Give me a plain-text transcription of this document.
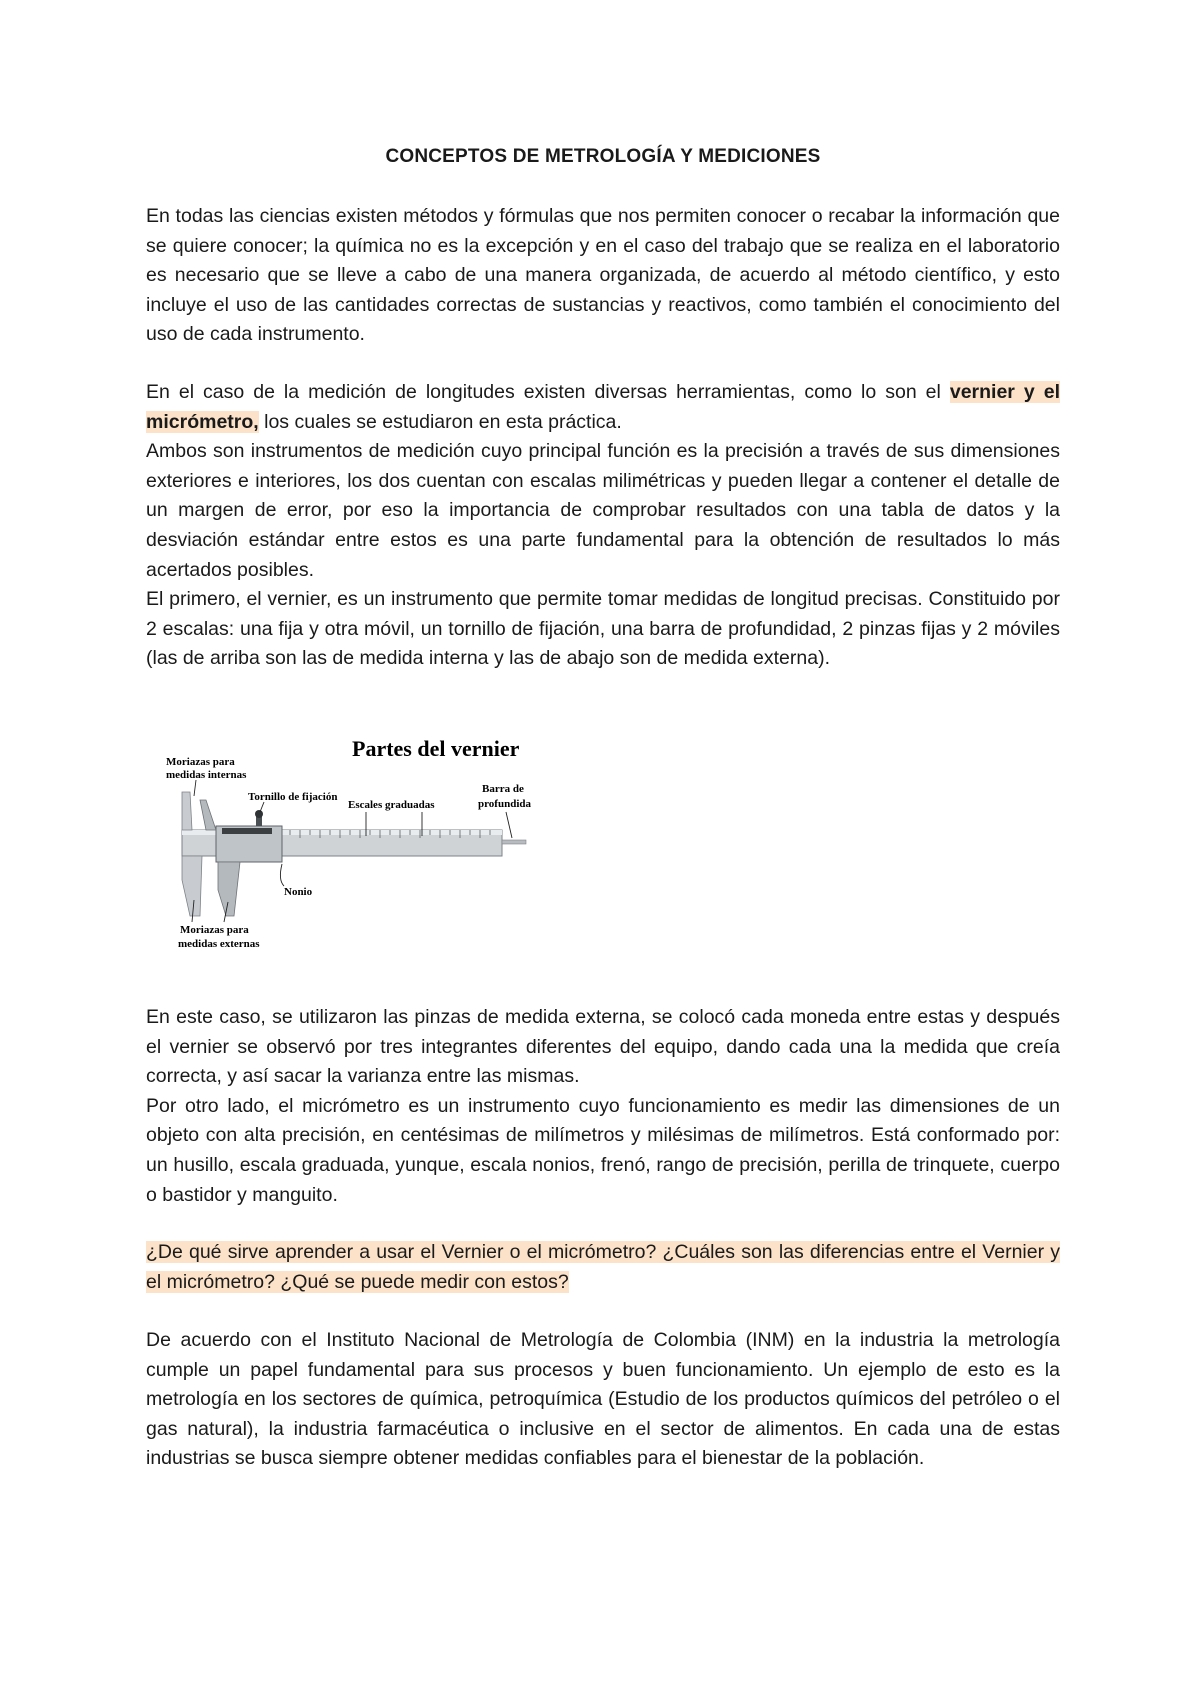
CONCEPTOS DE METROLOGÍA Y MEDICIONES

En todas las ciencias existen métodos y fórmulas que nos permiten conocer o recabar la información que se quiere conocer; la química no es la excepción y en el caso del trabajo que se realiza en el laboratorio es necesario que se lleve a cabo de una manera organizada, de acuerdo al método científico, y esto incluye el uso de las cantidades correctas de sustancias y reactivos, como también el conocimiento del uso de cada instrumento.

En el caso de la medición de longitudes existen diversas herramientas, como lo son el vernier y el micrómetro, los cuales se estudiaron en esta práctica.

Ambos son instrumentos de medición cuyo principal función es la precisión a través de sus dimensiones exteriores e interiores, los dos cuentan con escalas milimétricas y pueden llegar a contener el detalle de un margen de error, por eso la importancia de comprobar resultados con una tabla de datos y la desviación estándar entre estos es una parte fundamental para la obtención de resultados lo más acertados posibles.

El primero, el vernier, es un instrumento que permite tomar medidas de longitud precisas. Constituido por 2 escalas: una fija y otra móvil, un tornillo de fijación, una barra de profundidad, 2 pinzas fijas y 2 móviles (las de arriba son las de medida interna y las de abajo son de medida externa).

Partes del vernier
Moriazas para
medidas internas
Tornillo de fijación
Escales graduadas
Barra de
profundida
Nonio
Moriazas para
medidas externas

En este caso, se utilizaron las pinzas de medida externa, se colocó cada moneda entre estas y después el vernier se observó por tres integrantes diferentes del equipo, dando cada una la medida que creía correcta, y así sacar la varianza entre las mismas.

Por otro lado, el micrómetro es un instrumento cuyo funcionamiento es medir las dimensiones de un objeto con alta precisión, en centésimas de milímetros y milésimas de milímetros. Está conformado por: un husillo, escala graduada, yunque, escala nonios, frenó, rango de precisión, perilla de trinquete, cuerpo o bastidor y manguito.

¿De qué sirve aprender a usar el Vernier o el micrómetro? ¿Cuáles son las diferencias entre el Vernier y el micrómetro? ¿Qué se puede medir con estos?

De acuerdo con el Instituto Nacional de Metrología de Colombia (INM) en la industria la metrología cumple un papel fundamental para sus procesos y buen funcionamiento. Un ejemplo de esto es la metrología en los sectores de química, petroquímica (Estudio de los productos químicos del petróleo o el gas natural), la industria farmacéutica o inclusive en el sector de alimentos. En cada una de estas industrias se busca siempre obtener medidas confiables para el bienestar de la población.
